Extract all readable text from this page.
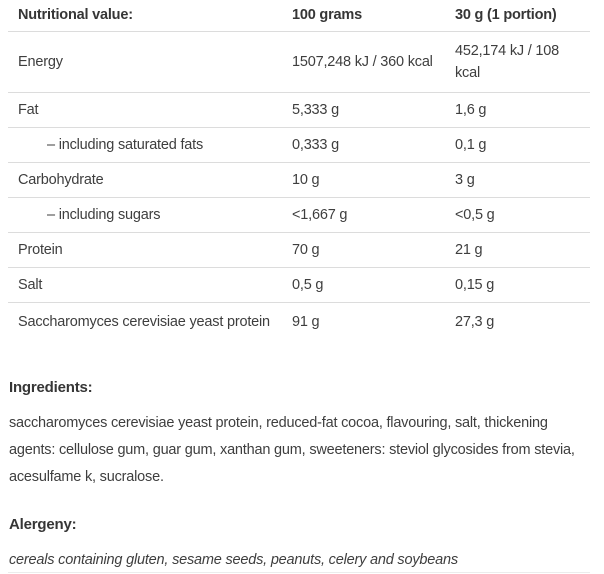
Nutritional value:	100 grams	30 g (1 portion)
Energy	1507,248 kJ / 360 kcal	452,174 kJ / 108 kcal
Fat	5,333 g	1,6 g
– including saturated fats	0,333 g	0,1 g
Carbohydrate	10 g	3 g
– including sugars	<1,667 g	<0,5 g
Protein	70 g	21 g
Salt	0,5 g	0,15 g
Saccharomyces cerevisiae yeast protein	91 g	27,3 g
Ingredients:

saccharomyces cerevisiae yeast protein, reduced-fat cocoa, flavouring, salt, thickening agents: cellulose gum, guar gum, xanthan gum, sweeteners: steviol glycosides from stevia, acesulfame k, sucralose.

Alergeny:

cereals containing gluten, sesame seeds, peanuts, celery and soybeans
